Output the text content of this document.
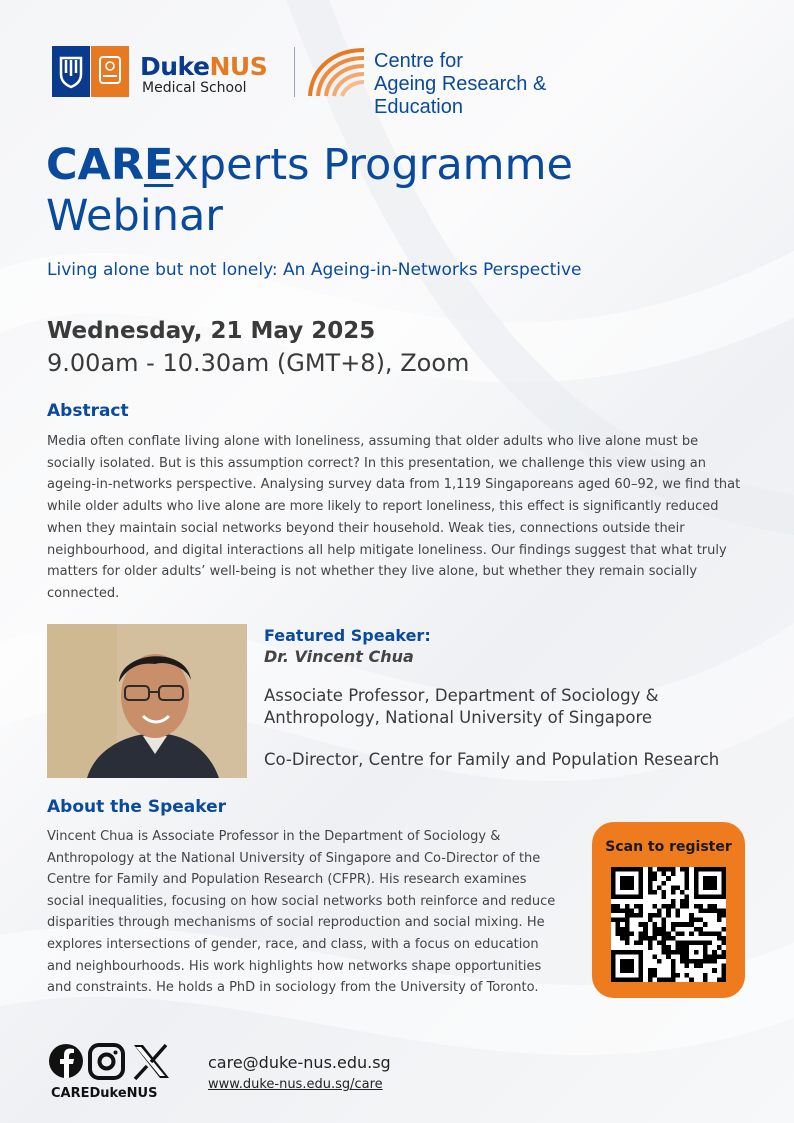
DukeNUS
Medical School
Centre for
Ageing Research & Education
CARExperts Programme
Webinar
Living alone but not lonely: An Ageing-in-Networks Perspective
Wednesday, 21 May 2025
9.00am - 10.30am (GMT+8), Zoom
Abstract
Media often conflate living alone with loneliness, assuming that older adults who live alone must be socially isolated. But is this assumption correct? In this presentation, we challenge this view using an ageing-in-networks perspective. Analysing survey data from 1,119 Singaporeans aged 60–92, we find that while older adults who live alone are more likely to report loneliness, this effect is significantly reduced when they maintain social networks beyond their household. Weak ties, connections outside their neighbourhood, and digital interactions all help mitigate loneliness. Our findings suggest that what truly matters for older adults’ well-being is not whether they live alone, but whether they remain socially connected.
Featured Speaker:
Dr. Vincent Chua
Associate Professor, Department of Sociology & Anthropology, National University of Singapore
Co-Director, Centre for Family and Population Research
About the Speaker
Vincent Chua is Associate Professor in the Department of Sociology & Anthropology at the National University of Singapore and Co-Director of the Centre for Family and Population Research (CFPR). His research examines social inequalities, focusing on how social networks both reinforce and reduce disparities through mechanisms of social reproduction and social mixing. He explores intersections of gender, race, and class, with a focus on education and neighbourhoods. His work highlights how networks shape opportunities and constraints. He holds a PhD in sociology from the University of Toronto.
Scan to register
CAREDukeNUS
care@duke-nus.edu.sg
www.duke-nus.edu.sg/care
